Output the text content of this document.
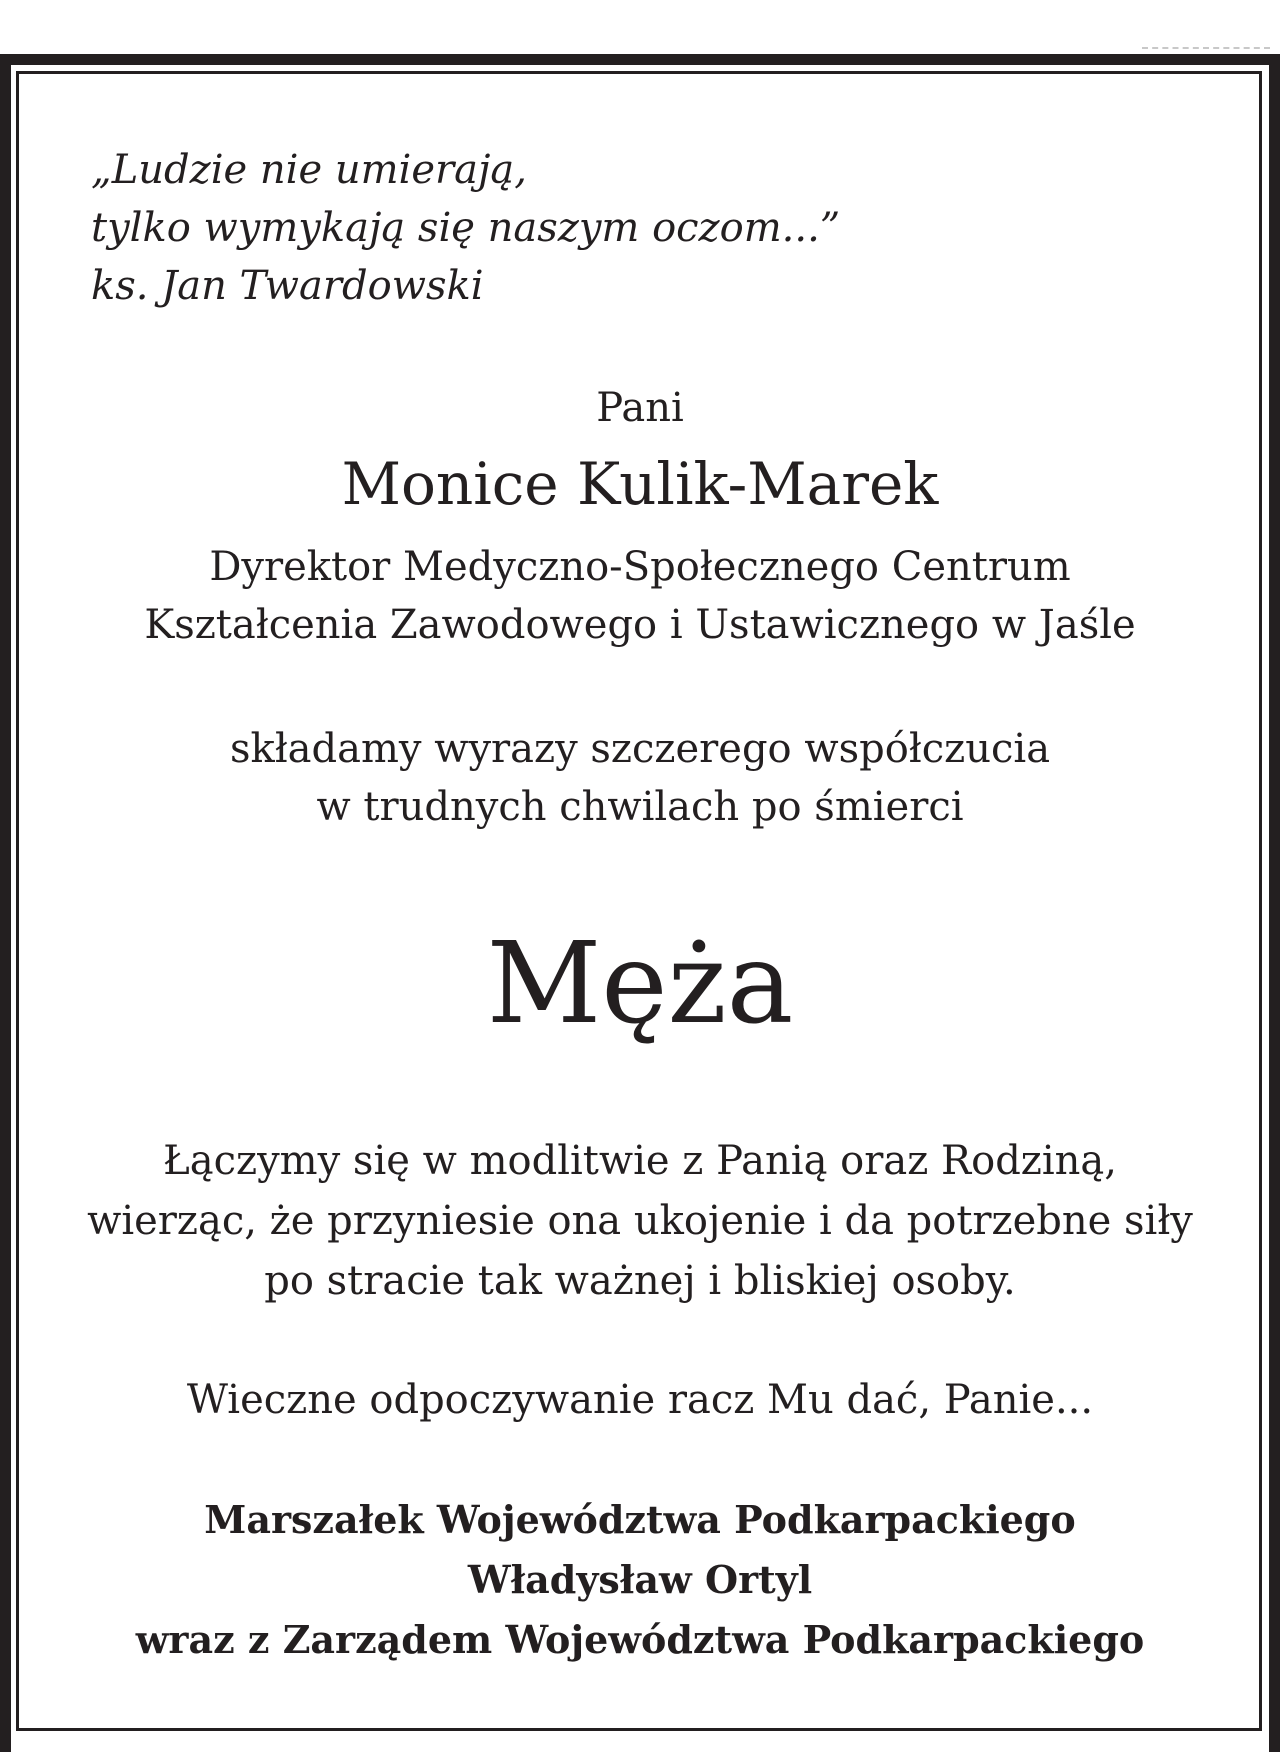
„Ludzie nie umierają,

tylko wymykają się naszym oczom...”

ks. Jan Twardowski

Pani

Monice Kulik-Marek

Dyrektor Medyczno-Społecznego Centrum

Kształcenia Zawodowego i Ustawicznego w Jaśle

składamy wyrazy szczerego współczucia

w trudnych chwilach po śmierci

Męża

Łączymy się w modlitwie z Panią oraz Rodziną,

wierząc, że przyniesie ona ukojenie i da potrzebne siły

po stracie tak ważnej i bliskiej osoby.

Wieczne odpoczywanie racz Mu dać, Panie...

Marszałek Województwa Podkarpackiego

Władysław Ortyl

wraz z Zarządem Województwa Podkarpackiego
